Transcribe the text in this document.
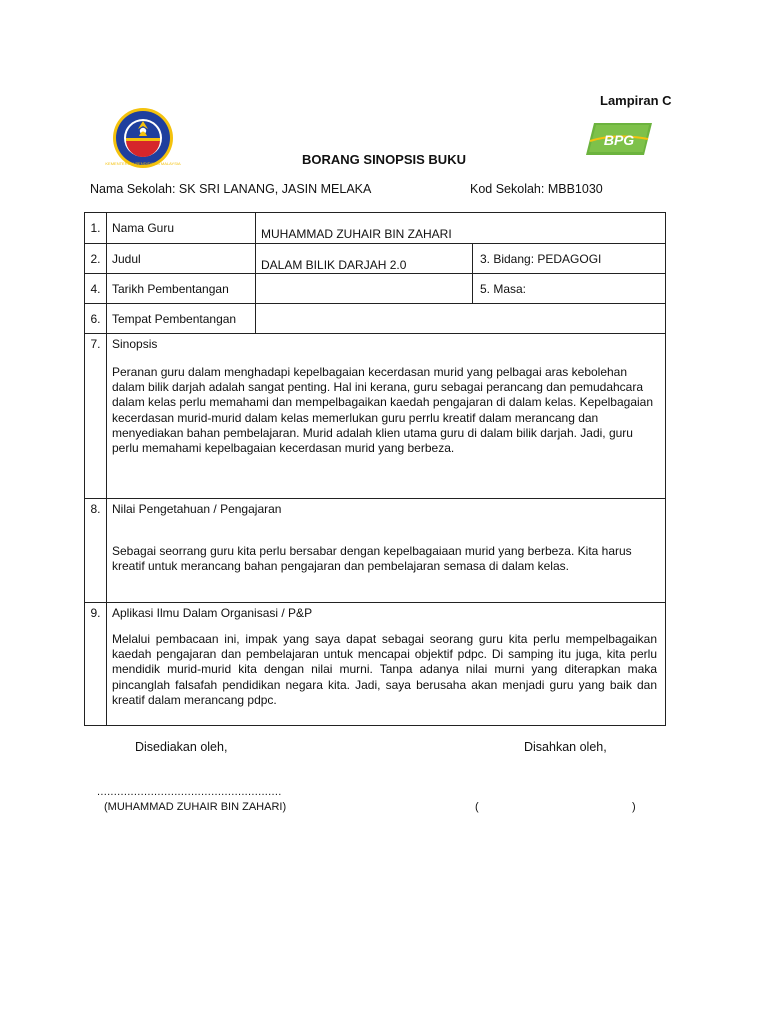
Lampiran C
KEMENTERIAN PENDIDIKAN MALAYSIA
BPG
BORANG SINOPSIS BUKU
Nama Sekolah: SK SRI LANANG, JASIN MELAKA	Kod Sekolah: MBB1030
1.	Nama Guru	MUHAMMAD ZUHAIR BIN ZAHARI	
2.	Judul	DALAM BILIK DARJAH 2.0	3. Bidang: PEDAGOGI
4.	Tarikh Pembentangan		5. Masa:
6.	Tempat Pembentangan		
7.	Sinopsis

Peranan guru dalam menghadapi kepelbagaian kecerdasan murid yang pelbagai aras kebolehan dalam bilik darjah adalah sangat penting. Hal ini kerana, guru sebagai perancang dan pemudahcara dalam kelas perlu memahami dan mempelbagaikan kaedah pengajaran di dalam kelas. Kepelbagaian kecerdasan murid-murid dalam kelas memerlukan guru perrlu kreatif dalam merancang dan menyediakan bahan pembelajaran. Murid adalah klien utama guru di dalam bilik darjah. Jadi, guru perlu memahami kepelbagaian kecerdasan murid yang berbeza.		

8.	Nilai Pengetahuan / Pengajaran

Sebagai seorrang guru kita perlu bersabar dengan kepelbagaiaan murid yang berbeza. Kita harus kreatif untuk merancang bahan pengajaran dan pembelajaran semasa di dalam kelas.		

9.	Aplikasi Ilmu Dalam Organisasi / P&P

Melalui pembacaan ini, impak yang saya dapat sebagai seorang guru kita perlu mempelbagaikan kaedah pengajaran dan pembelajaran untuk mencapai objektif pdpc. Di samping itu juga, kita perlu mendidik murid-murid kita dengan nilai murni. Tanpa adanya nilai murni yang diterapkan maka pincanglah falsafah pendidikan negara kita. Jadi, saya berusaha akan menjadi guru yang baik dan kreatif dalam merancang pdpc.		

Disediakan oleh,	Disahkan oleh,
.......................................................
(MUHAMMAD ZUHAIR BIN ZAHARI)	(	)
